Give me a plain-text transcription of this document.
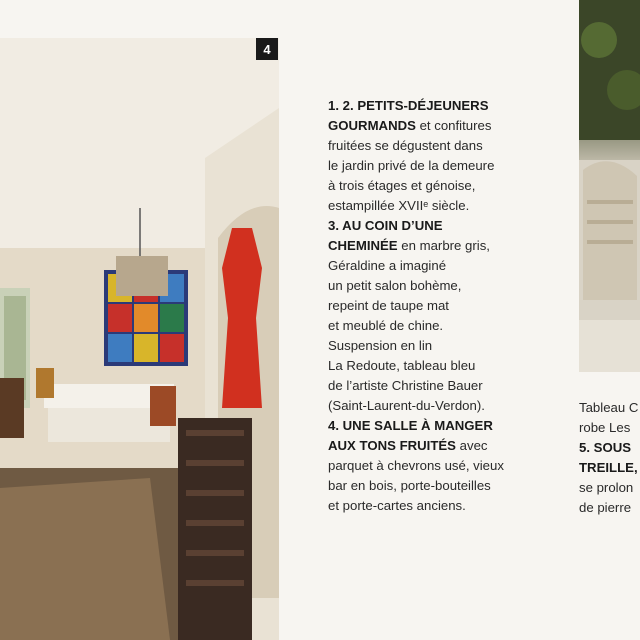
4
1. 2. PETITS-DÉJEUNERS
GOURMANDS et confitures
fruitées se dégustent dans
le jardin privé de la demeure
à trois étages et génoise,
estampillée XVIIᵉ siècle.
3. AU COIN D’UNE
CHEMINÉE en marbre gris,
Géraldine a imaginé
un petit salon bohème,
repeint de taupe mat
et meublé de chine.
Suspension en lin
La Redoute, tableau bleu
de l’artiste Christine Bauer
(Saint-Laurent-du-Verdon).
4. UNE SALLE À MANGER
AUX TONS FRUITÉS avec
parquet à chevrons usé, vieux
bar en bois, porte-bouteilles
et porte-cartes anciens.
Tableau C
robe Les
5. SOUS
TREILLE,
se prolon
de pierre
